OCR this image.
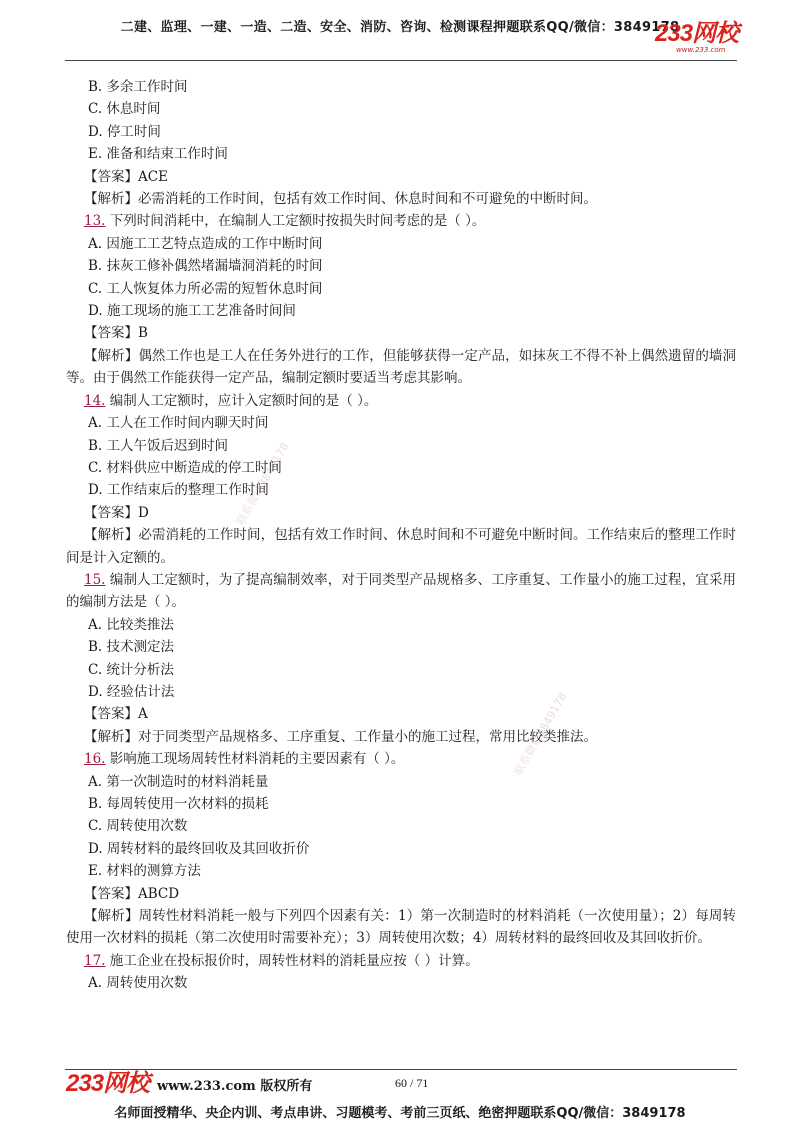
二建、监理、一建、一造、二造、安全、消防、咨询、检测课程押题联系QQ/微信：3849178
233网校
www.233.com
联系微信3849178
联系微信3849178
B. 多余工作时间
C. 休息时间
D. 停工时间
E. 准备和结束工作时间
【答案】ACE
【解析】必需消耗的工作时间，包括有效工作时间、休息时间和不可避免的中断时间。
13. 下列时间消耗中，在编制人工定额时按损失时间考虑的是（ ）。
A. 因施工工艺特点造成的工作中断时间
B. 抹灰工修补偶然堵漏墙洞消耗的时间
C. 工人恢复体力所必需的短暂休息时间
D. 施工现场的施工工艺准备时间间
【答案】B
【解析】偶然工作也是工人在任务外进行的工作，但能够获得一定产品，如抹灰工不得不补上偶然遗留的墙洞等。由于偶然工作能获得一定产品，编制定额时要适当考虑其影响。
14. 编制人工定额时，应计入定额时间的是（ ）。
A. 工人在工作时间内聊天时间
B. 工人午饭后迟到时间
C. 材料供应中断造成的停工时间
D. 工作结束后的整理工作时间
【答案】D
【解析】必需消耗的工作时间，包括有效工作时间、休息时间和不可避免中断时间。工作结束后的整理工作时间是计入定额的。
15. 编制人工定额时，为了提高编制效率，对于同类型产品规格多、工序重复、工作量小的施工过程，宜采用的编制方法是（ ）。
A. 比较类推法
B. 技术测定法
C. 统计分析法
D. 经验估计法
【答案】A
【解析】对于同类型产品规格多、工序重复、工作量小的施工过程，常用比较类推法。
16. 影响施工现场周转性材料消耗的主要因素有（ ）。
A. 第一次制造时的材料消耗量
B. 每周转使用一次材料的损耗
C. 周转使用次数
D. 周转材料的最终回收及其回收折价
E. 材料的测算方法
【答案】ABCD
【解析】周转性材料消耗一般与下列四个因素有关：1）第一次制造时的材料消耗（一次使用量）；2）每周转使用一次材料的损耗（第二次使用时需要补充）；3）周转使用次数；4）周转材料的最终回收及其回收折价。
17. 施工企业在投标报价时，周转性材料的消耗量应按（ ）计算。
A. 周转使用次数
233网校 www.233.com 版权所有	60 / 71
名师面授精华、央企内训、考点串讲、习题模考、考前三页纸、绝密押题联系QQ/微信：3849178
